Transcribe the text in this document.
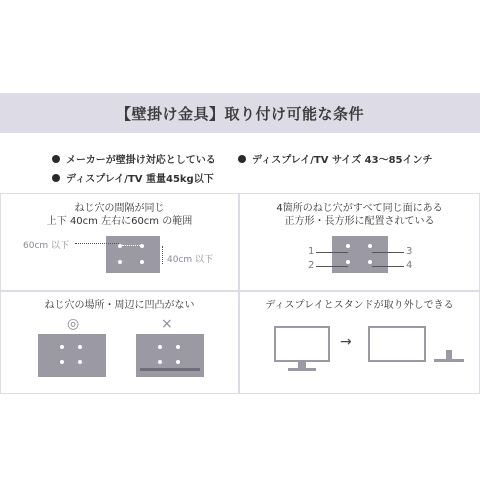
【壁掛け金具】取り付け可能な条件
メーカーが壁掛け対応としている	ディスプレイ/TV サイズ 43～85インチ
ディスプレイ/TV 重量45kg以下
ねじ穴の間隔が同じ
上下 40cm 左右に60cm の範囲
60cm 以下
40cm 以下
4箇所のねじ穴がすべて同じ面にある
正方形・長方形に配置されている
1
2
3
4
ねじ穴の場所・周辺に凹凸がない
◎	×
ディスプレイとスタンドが取り外しできる
→
